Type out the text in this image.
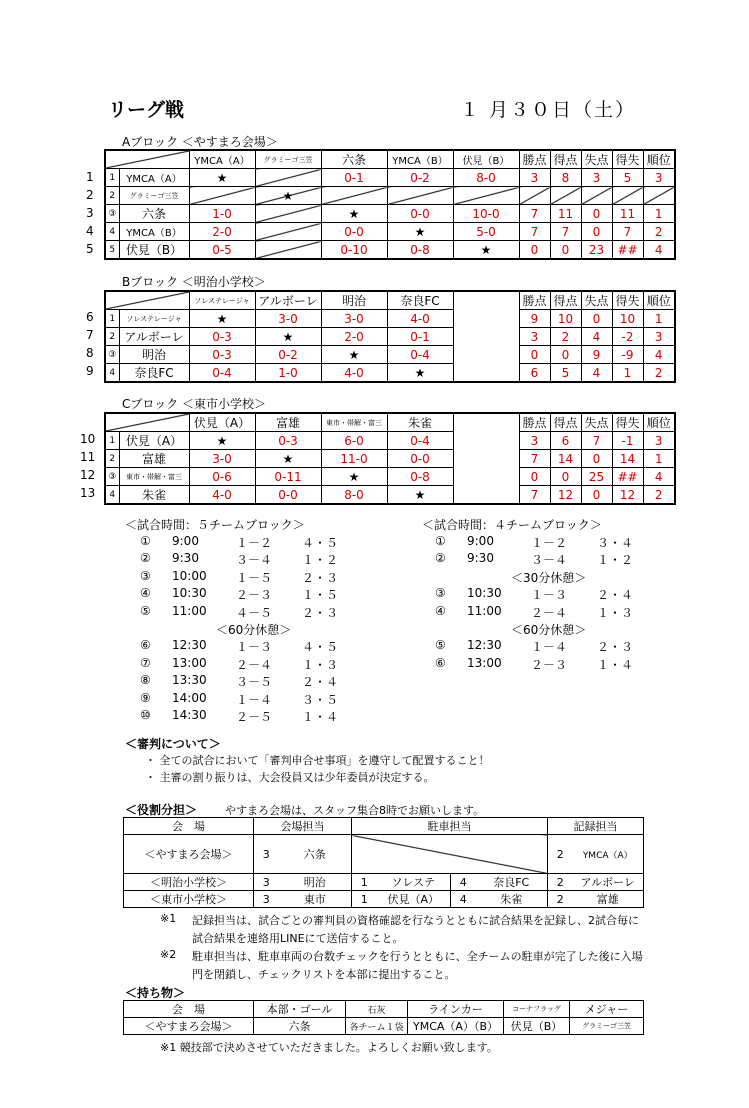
リーグ戦	１ 月３０日（土）
Aブロック ＜やすまろ会場＞
1
2
3
4
5
		YMCA（A）	グラミーゴ三笠	六条	YMCA（B）	伏見（B）	勝点	得点	失点	得失	順位
1	YMCA（A）	★		0-1	0-2	8-0	3	8	3	5	3
2	グラミーゴ三笠		★								
③	六条	1-0		★	0-0	10-0	7	11	0	11	1
4	YMCA（B）	2-0		0-0	★	5-0	7	7	0	7	2
5	伏見（B）	0-5		0-10	0-8	★	0	0	23	##	4
Bブロック ＜明治小学校＞
6
7
8
9
		ソレステレージャ	アルボーレ	明治	奈良FC		勝点	得点	失点	得失	順位
1	ソレステレージャ	★	3-0	3-0	4-0		9	10	0	10	1
2	アルボーレ	0-3	★	2-0	0-1		3	2	4	-2	3
③	明治	0-3	0-2	★	0-4		0	0	9	-9	4
4	奈良FC	0-4	1-0	4-0	★		6	5	4	1	2
Cブロック ＜東市小学校＞
10
11
12
13
		伏見（A）	富雄	東市・帯解・富三	朱雀		勝点	得点	失点	得失	順位
1	伏見（A）	★	0-3	6-0	0-4		3	6	7	-1	3
2	富雄	3-0	★	11-0	0-0		7	14	0	14	1
③	東市・帯解・富三	0-6	0-11	★	0-8		0	0	25	##	4
4	朱雀	4-0	0-0	8-0	★		7	12	0	12	2
＜試合時間：５チームブロック＞
① 9:00	１－２ ４・５
② 9:30	３－４ １・２
③ 10:00 １－５ ２・３
④ 10:30 ２－３ １・５
⑤ 11:00 ４－５ ２・３
＜60分休憩＞
⑥ 12:30 １－３ ４・５
⑦ 13:00 ２－４ １・３
⑧ 13:30 ３－５ ２・４
⑨ 14:00 １－４ ３・５
⑩ 14:30 ２－５ １・４
＜試合時間：４チームブロック＞
① 9:00	１－２ ３・４
② 9:30	３－４ １・２
＜30分休憩＞
③ 10:30 １－３ ２・４
④ 11:00 ２－４ １・３
＜60分休憩＞
⑤ 12:30 １－４ ２・３
⑥ 13:00 ２－３ １・４
＜審判について＞
・ 全ての試合において「審判申合せ事項」を遵守して配置すること！
・ 主審の割り振りは、大会役員又は少年委員が決定する。
＜役割分担＞	やすまろ会場は、スタッフ集合8時でお願いします。
会　場	会場担当		駐車担当				記録担当	
＜やすまろ会場＞	3	六条					2	YMCA（A）
＜明治小学校＞	3	明治	1	ソレステ	4	奈良FC	2	アルボーレ
＜東市小学校＞	3	東市	1	伏見（A）	4	朱雀	2	富雄
※1 記録担当は、試合ごとの審判員の資格確認を行なうとともに試合結果を記録し、2試合毎に
試合結果を連絡用LINEにて送信すること。
※2 駐車担当は、駐車車両の台数チェックを行うとともに、全チームの駐車が完了した後に入場
門を閉鎖し、チェックリストを本部に提出すること。
＜持ち物＞
会　場	本部・ゴール	石灰	ラインカー	コーナフラッグ	メジャー
＜やすまろ会場＞	六条	各チーム１袋	YMCA（A）（B）	伏見（B）	グラミーゴ三笠
※1 競技部で決めさせていただきました。よろしくお願い致します。
